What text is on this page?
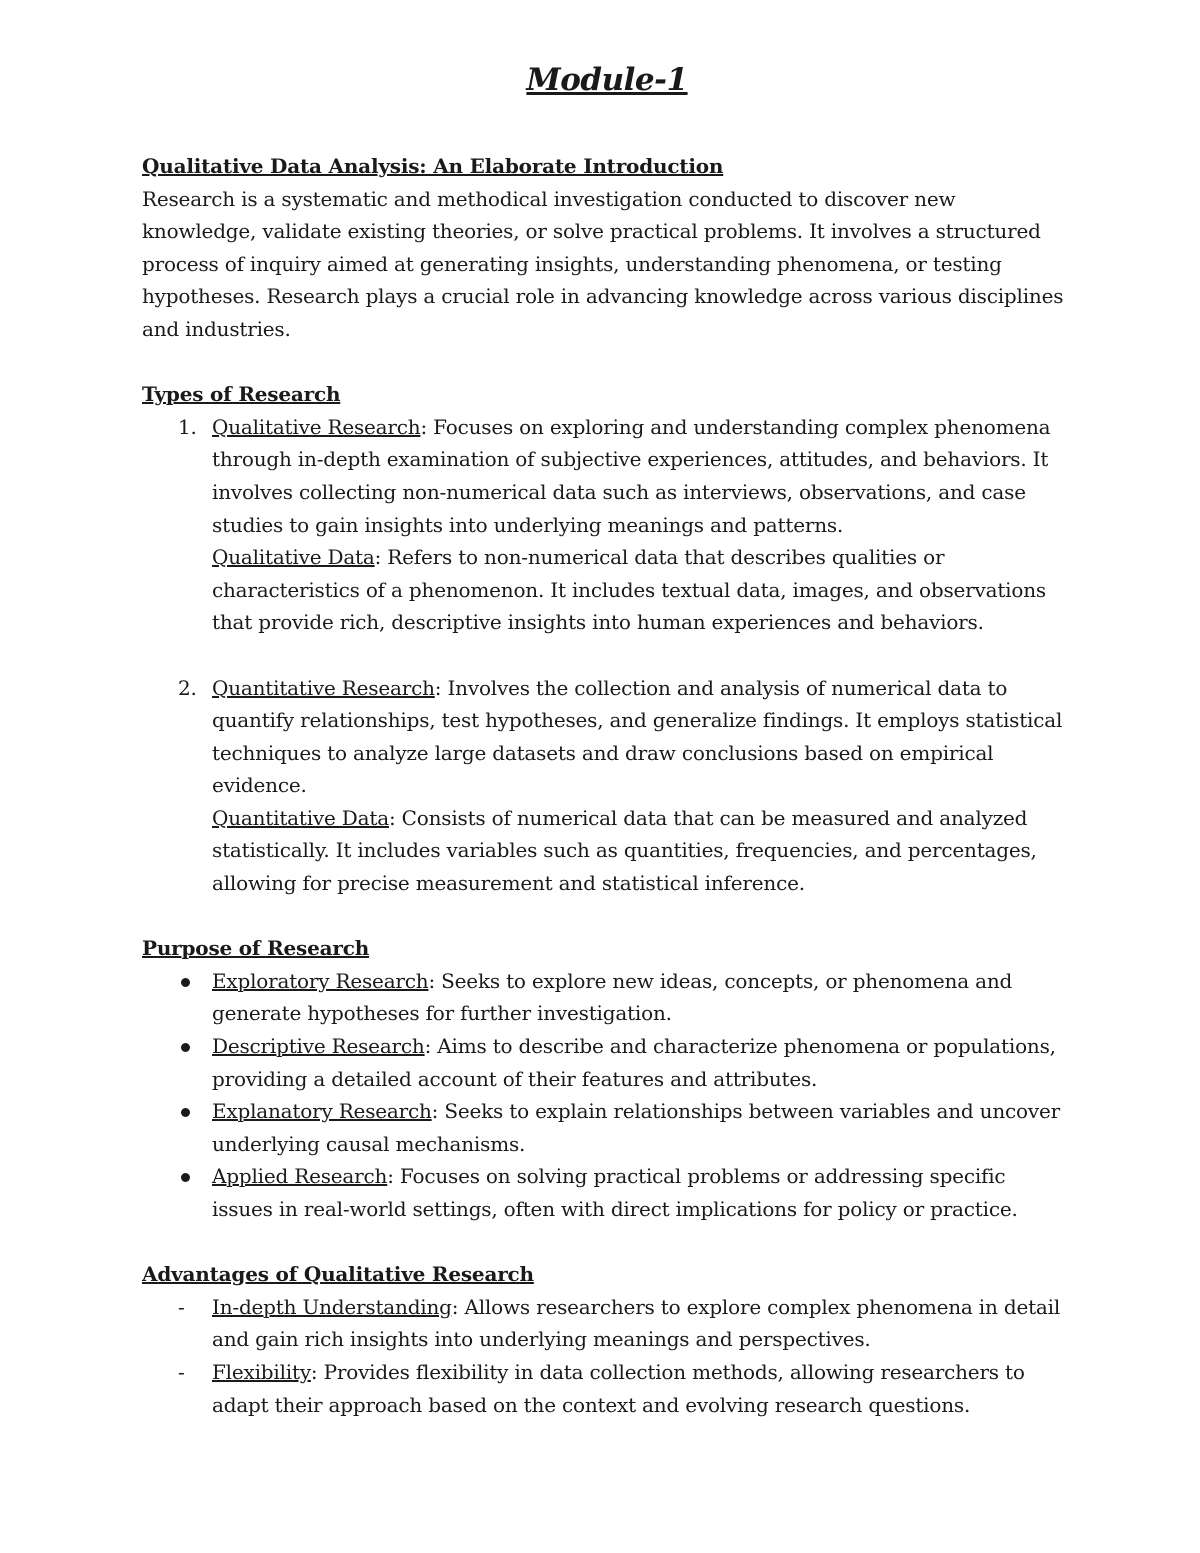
Module-1

Qualitative Data Analysis: An Elaborate Introduction

Research is a systematic and methodical investigation conducted to discover new knowledge, validate existing theories, or solve practical problems. It involves a structured process of inquiry aimed at generating insights, understanding phenomena, or testing hypotheses. Research plays a crucial role in advancing knowledge across various disciplines and industries.

Types of Research

1. Qualitative Research: Focuses on exploring and understanding complex phenomena through in-depth examination of subjective experiences, attitudes, and behaviors. It involves collecting non-numerical data such as interviews, observations, and case studies to gain insights into underlying meanings and patterns.
Qualitative Data: Refers to non-numerical data that describes qualities or characteristics of a phenomenon. It includes textual data, images, and observations that provide rich, descriptive insights into human experiences and behaviors.
2. Quantitative Research: Involves the collection and analysis of numerical data to quantify relationships, test hypotheses, and generalize findings. It employs statistical techniques to analyze large datasets and draw conclusions based on empirical evidence.
Quantitative Data: Consists of numerical data that can be measured and analyzed statistically. It includes variables such as quantities, frequencies, and percentages, allowing for precise measurement and statistical inference.

Purpose of Research

Exploratory Research: Seeks to explore new ideas, concepts, or phenomena and generate hypotheses for further investigation.
Descriptive Research: Aims to describe and characterize phenomena or populations, providing a detailed account of their features and attributes.
Explanatory Research: Seeks to explain relationships between variables and uncover underlying causal mechanisms.
Applied Research: Focuses on solving practical problems or addressing specific issues in real-world settings, often with direct implications for policy or practice.

Advantages of Qualitative Research

- In-depth Understanding: Allows researchers to explore complex phenomena in detail and gain rich insights into underlying meanings and perspectives.
- Flexibility: Provides flexibility in data collection methods, allowing researchers to adapt their approach based on the context and evolving research questions.
